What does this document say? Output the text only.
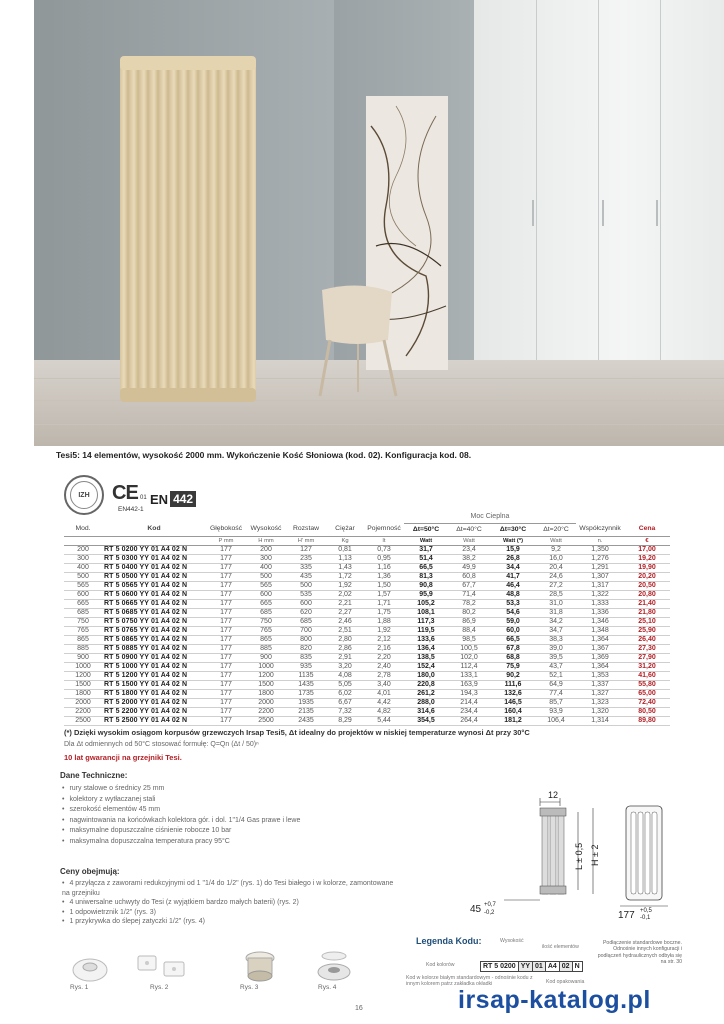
Tesi5: 14 elementów, wysokość 2000 mm. Wykończenie Kość Słoniowa (kod. 02). Konfiguracja kod. 08.
IZH CE 01 EN 442
EN442-1
							Moc Cieplna					
Mod.	Kod	Głębokość	Wysokość	Rozstaw	Ciężar	Pojemność	Δt=50°C	Δt=40°C	Δt=30°C	Δt=20°C	Współczynnik	Cena
		P mm	H mm	H' mm	Kg	lt	Watt	Watt	Watt (*)	Watt	n.	€
200	RT 5 0200 YY 01 A4 02 N	177	200	127	0,81	0,73	31,7	23,4	15,9	9,2	1,350	17,00
300	RT 5 0300 YY 01 A4 02 N	177	300	235	1,13	0,95	51,4	38,2	26,8	16,0	1,276	19,20
400	RT 5 0400 YY 01 A4 02 N	177	400	335	1,43	1,16	66,5	49,9	34,4	20,4	1,291	19,90
500	RT 5 0500 YY 01 A4 02 N	177	500	435	1,72	1,36	81,3	60,8	41,7	24,6	1,307	20,20
565	RT 5 0565 YY 01 A4 02 N	177	565	500	1,92	1,50	90,8	67,7	46,4	27,2	1,317	20,50
600	RT 5 0600 YY 01 A4 02 N	177	600	535	2,02	1,57	95,9	71,4	48,8	28,5	1,322	20,80
665	RT 5 0665 YY 01 A4 02 N	177	665	600	2,21	1,71	105,2	78,2	53,3	31,0	1,333	21,40
685	RT 5 0685 YY 01 A4 02 N	177	685	620	2,27	1,75	108,1	80,2	54,6	31,8	1,336	21,80
750	RT 5 0750 YY 01 A4 02 N	177	750	685	2,46	1,88	117,3	86,9	59,0	34,2	1,346	25,10
765	RT 5 0765 YY 01 A4 02 N	177	765	700	2,51	1,92	119,5	88,4	60,0	34,7	1,348	25,90
865	RT 5 0865 YY 01 A4 02 N	177	865	800	2,80	2,12	133,6	98,5	66,5	38,3	1,364	26,40
885	RT 5 0885 YY 01 A4 02 N	177	885	820	2,86	2,16	136,4	100,5	67,8	39,0	1,367	27,30
900	RT 5 0900 YY 01 A4 02 N	177	900	835	2,91	2,20	138,5	102,0	68,8	39,5	1,369	27,90
1000	RT 5 1000 YY 01 A4 02 N	177	1000	935	3,20	2,40	152,4	112,4	75,9	43,7	1,364	31,20
1200	RT 5 1200 YY 01 A4 02 N	177	1200	1135	4,08	2,78	180,0	133,1	90,2	52,1	1,353	41,60
1500	RT 5 1500 YY 01 A4 02 N	177	1500	1435	5,05	3,40	220,8	163,9	111,6	64,9	1,337	55,80
1800	RT 5 1800 YY 01 A4 02 N	177	1800	1735	6,02	4,01	261,2	194,3	132,6	77,4	1,327	65,00
2000	RT 5 2000 YY 01 A4 02 N	177	2000	1935	6,67	4,42	288,0	214,4	146,5	85,7	1,323	72,40
2200	RT 5 2200 YY 01 A4 02 N	177	2200	2135	7,32	4,82	314,6	234,4	160,4	93,9	1,320	80,50
2500	RT 5 2500 YY 01 A4 02 N	177	2500	2435	8,29	5,44	354,5	264,4	181,2	106,4	1,314	89,80
(*) Dzięki wysokim osiągom korpusów grzewczych Irsap Tesi5, Δt idealny do projektów w niskiej temperaturze wynosi Δt przy 30°C
Dla Δt odmiennych od 50°C stosować formułę: Q=Qn (Δt / 50)ⁿ
10 lat gwarancji na grzejniki Tesi.
Dane Techniczne:
• rury stalowe o średnicy 25 mm
• kolektory z wytłaczanej stali
• szerokość elementów 45 mm
• nagwintowania na końcówkach kolektora gór. i dol. 1"1/4 Gas prawe i lewe
• maksymalne dopuszczalne ciśnienie robocze 10 bar
• maksymalna dopuszczalna temperatura pracy 95°C
Ceny obejmują:
• 4 przyłącza z zaworami redukcyjnymi od 1 "1/4 do 1/2" (rys. 1) do Tesi białego i w kolorze, zamontowane na grzejniku
• 4 uniwersalne uchwyty do Tesi (z wyjątkiem bardzo małych baterii) (rys. 2)
• 1 odpowietrznik 1/2" (rys. 3)
• 1 przykrywka do ślepej zatyczki 1/2" (rys. 4)
Rys. 1	Rys. 2	Rys. 3	Rys. 4
12
L ± 0,5 H ± 2
45 +0,7
-0,2	177 +0,5
-0,1
Legenda Kodu:	Wysokość
ilość elementów
Kod kolorów	RT 5 0200 YY 01 A4 02 N
Kod w kolorze białym standardowym - odnośnie kodu z innym kolorem patrz zakładka okładki	Kod opakowania
Podłączenie standardowe boczne. Odnośnie innych konfiguracji i podłączeń hydraulicznych odbyła się na str. 30
irsap-katalog.pl
16
